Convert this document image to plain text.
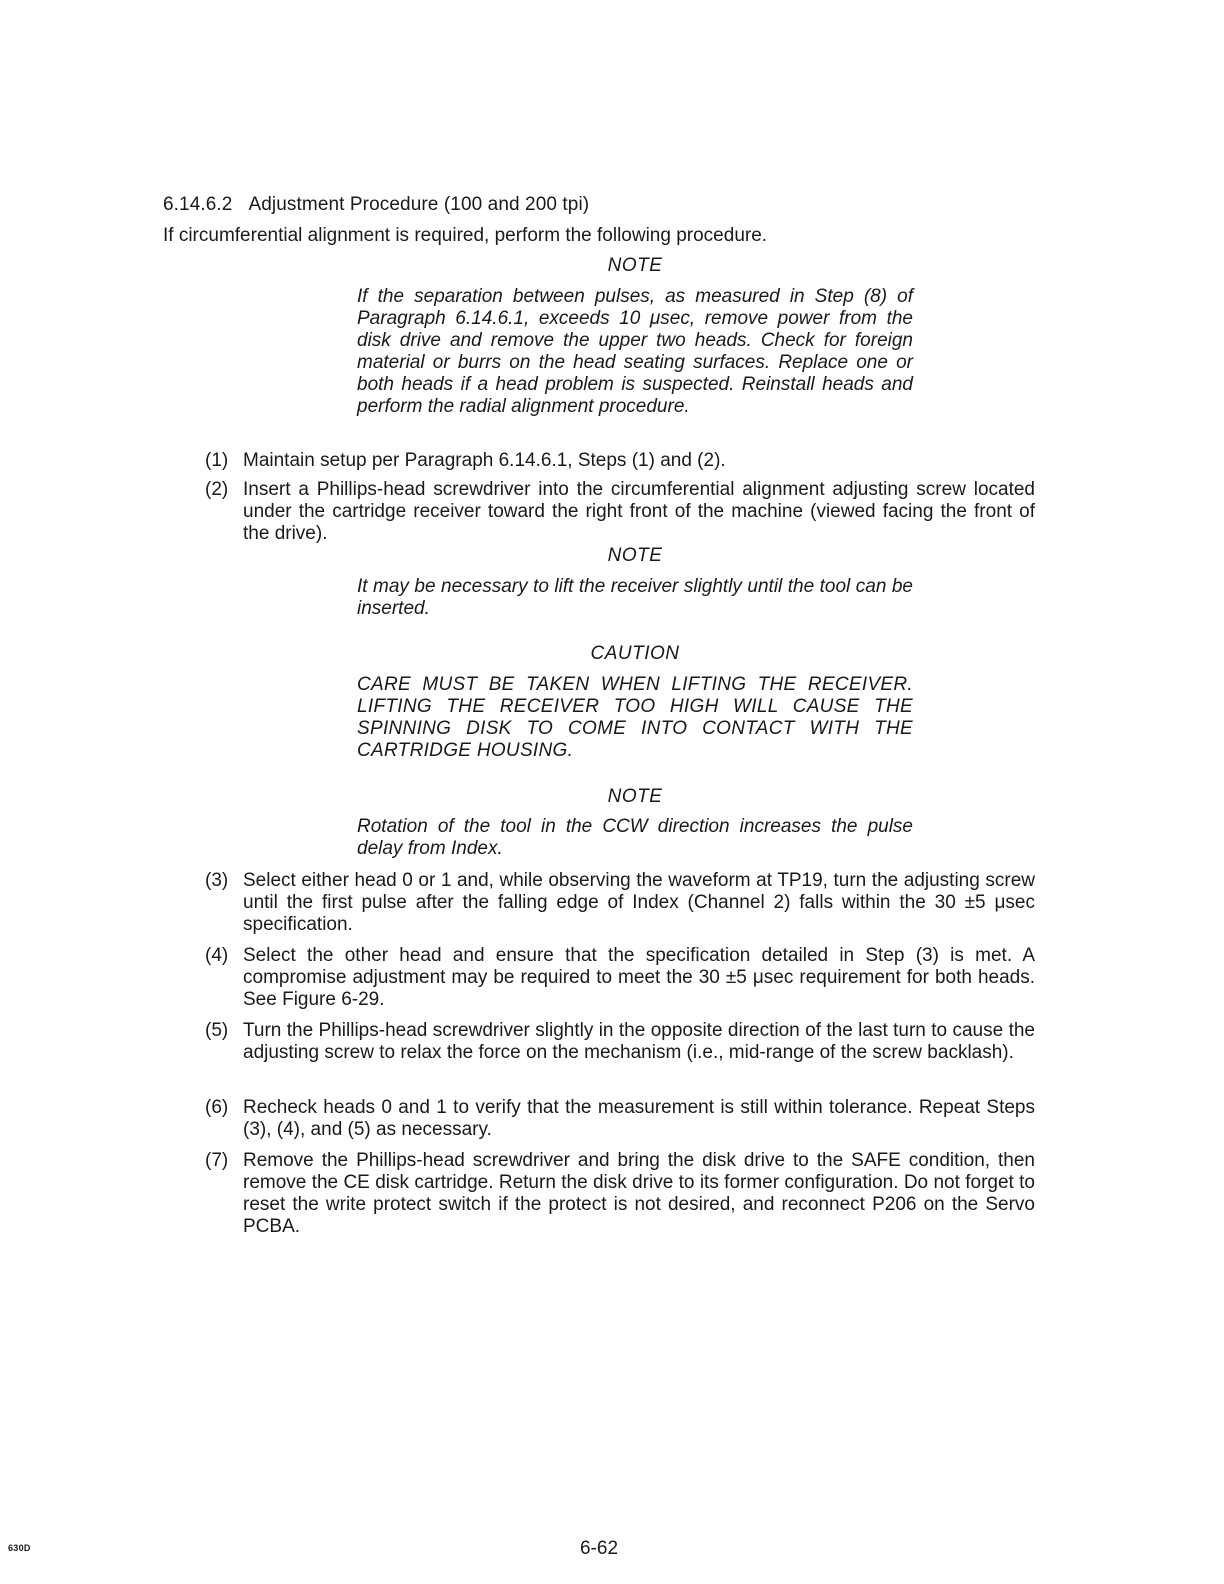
6.14.6.2 Adjustment Procedure (100 and 200 tpi)
If circumferential alignment is required, perform the following procedure.
NOTE
If the separation between pulses, as measured in Step (8) of Paragraph 6.14.6.1, exceeds 10 μsec, remove power from the disk drive and remove the upper two heads. Check for foreign material or burrs on the head seating surfaces. Replace one or both heads if a head problem is suspected. Reinstall heads and perform the radial alignment procedure.
(1) Maintain setup per Paragraph 6.14.6.1, Steps (1) and (2).
(2) Insert a Phillips-head screwdriver into the circumferential alignment adjusting screw located under the cartridge receiver toward the right front of the machine (viewed facing the front of the drive).
NOTE
It may be necessary to lift the receiver slightly until the tool can be inserted.
CAUTION
CARE MUST BE TAKEN WHEN LIFTING THE RECEIVER. LIFTING THE RECEIVER TOO HIGH WILL CAUSE THE SPINNING DISK TO COME INTO CONTACT WITH THE CARTRIDGE HOUSING.
NOTE
Rotation of the tool in the CCW direction increases the pulse delay from Index.
(3) Select either head 0 or 1 and, while observing the waveform at TP19, turn the adjusting screw until the first pulse after the falling edge of Index (Channel 2) falls within the 30 ±5 μsec specification.
(4) Select the other head and ensure that the specification detailed in Step (3) is met. A compromise adjustment may be required to meet the 30 ±5 μsec requirement for both heads. See Figure 6-29.
(5) Turn the Phillips-head screwdriver slightly in the opposite direction of the last turn to cause the adjusting screw to relax the force on the mechanism (i.e., mid-range of the screw backlash).
(6) Recheck heads 0 and 1 to verify that the measurement is still within tolerance. Repeat Steps (3), (4), and (5) as necessary.
(7) Remove the Phillips-head screwdriver and bring the disk drive to the SAFE condition, then remove the CE disk cartridge. Return the disk drive to its former configuration. Do not forget to reset the write protect switch if the protect is not desired, and reconnect P206 on the Servo PCBA.
630D	6-62
